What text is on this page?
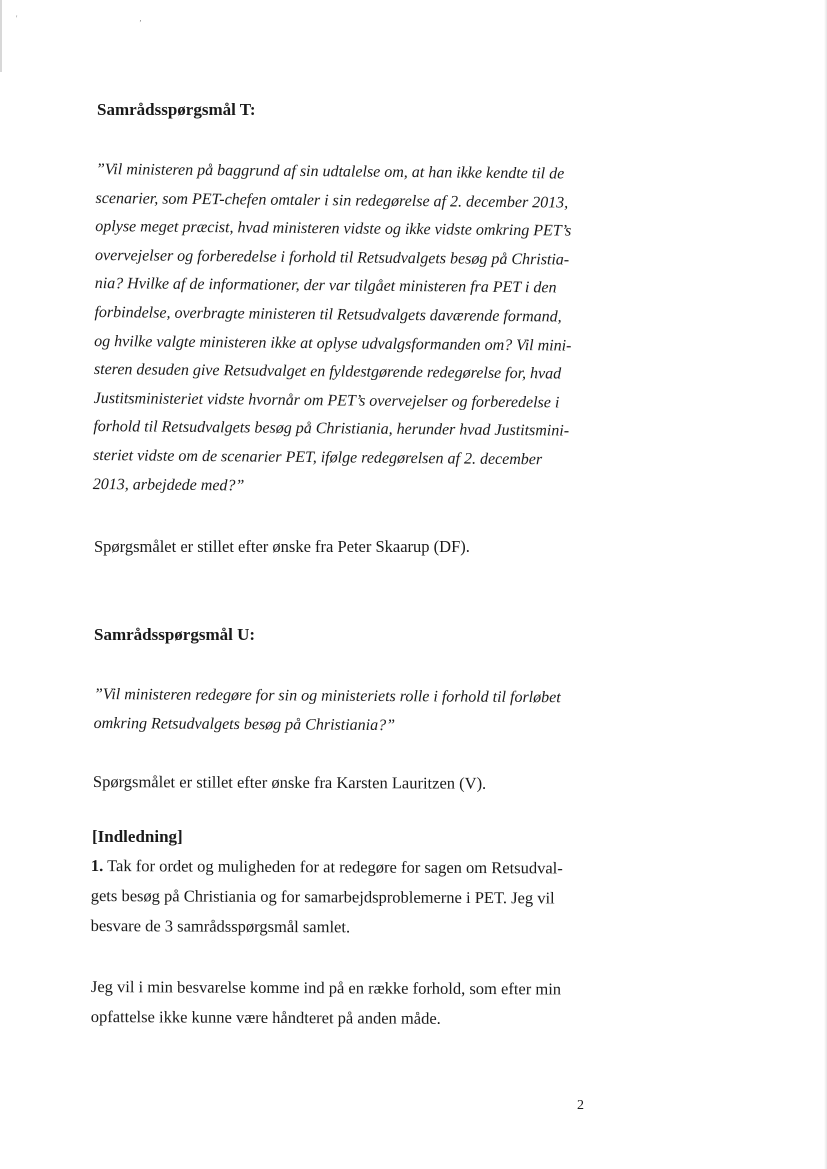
' ,
Samrådsspørgsmål T:
”Vil ministeren på baggrund af sin udtalelse om, at han ikke kendte til de
scenarier, som PET-chefen omtaler i sin redegørelse af 2. december 2013,
oplyse meget præcist, hvad ministeren vidste og ikke vidste omkring PET’s
overvejelser og forberedelse i forhold til Retsudvalgets besøg på Christia-
nia? Hvilke af de informationer, der var tilgået ministeren fra PET i den
forbindelse, overbragte ministeren til Retsudvalgets daværende formand,
og hvilke valgte ministeren ikke at oplyse udvalgsformanden om? Vil mini-
steren desuden give Retsudvalget en fyldestgørende redegørelse for, hvad
Justitsministeriet vidste hvornår om PET’s overvejelser og forberedelse i
forhold til Retsudvalgets besøg på Christiania, herunder hvad Justitsmini-
steriet vidste om de scenarier PET, ifølge redegørelsen af 2. december
2013, arbejdede med?”
Spørgsmålet er stillet efter ønske fra Peter Skaarup (DF).
Samrådsspørgsmål U:
”Vil ministeren redegøre for sin og ministeriets rolle i forhold til forløbet
omkring Retsudvalgets besøg på Christiania?”
Spørgsmålet er stillet efter ønske fra Karsten Lauritzen (V).
[Indledning]
1. Tak for ordet og muligheden for at redegøre for sagen om Retsudval-
gets besøg på Christiania og for samarbejdsproblemerne i PET. Jeg vil
besvare de 3 samrådsspørgsmål samlet.
Jeg vil i min besvarelse komme ind på en række forhold, som efter min
opfattelse ikke kunne være håndteret på anden måde.
2
